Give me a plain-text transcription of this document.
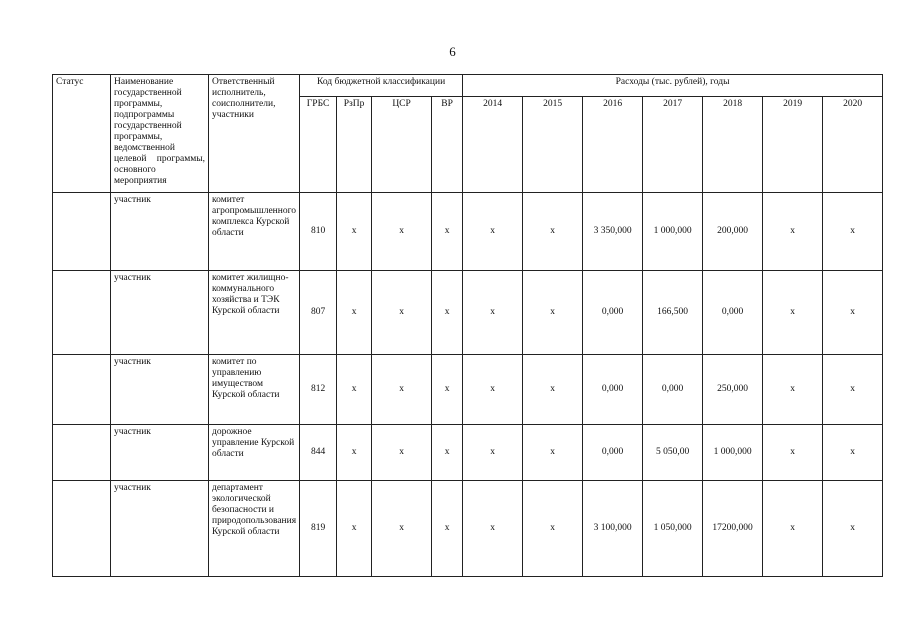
6
Статус	Наименование государственной программы, подпрограммы государственной программы, ведомственной целевой программы, основного мероприятия	Ответственный исполнитель, соисполнители, участники	Код бюджетной классификации				Расходы (тыс. рублей), годы						
			ГРБС	РзПр	ЦСР	ВР	2014	2015	2016	2017	2018	2019	2020
	участник	комитет агропромышленного комплекса Курской области	810	х	х	х	х	х	3 350,000	1 000,000	200,000	х	х
	участник	комитет жилищно-коммунального хозяйства и ТЭК Курской области	807	х	х	х	х	х	0,000	166,500	0,000	х	х
	участник	комитет по управлению имуществом Курской области	812	х	х	х	х	х	0,000	0,000	250,000	х	х
	участник	дорожное управление Курской области	844	х	х	х	х	х	0,000	5 050,00	1 000,000	х	х
	участник	департамент экологической безопасности и природопользования Курской области	819	х	х	х	х	х	3 100,000	1 050,000	17200,000	х	х
